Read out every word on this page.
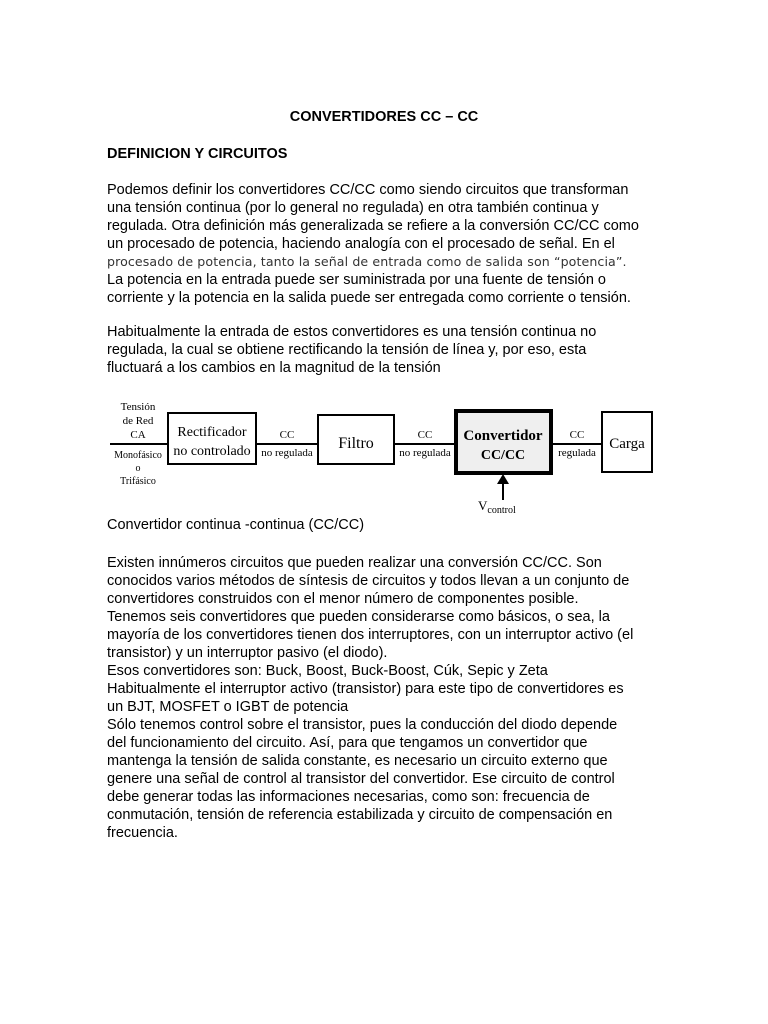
CONVERTIDORES CC – CC
DEFINICION Y CIRCUITOS
Podemos definir los convertidores CC/CC como siendo circuitos que transforman
una tensión continua (por lo general no regulada) en otra también continua y
regulada. Otra definición más generalizada se refiere a la conversión CC/CC como
un procesado de potencia, haciendo analogía con el procesado de señal. En el
procesado de potencia, tanto la señal de entrada como de salida son “potencia”.
La potencia en la entrada puede ser suministrada por una fuente de tensión o
corriente y la potencia en la salida puede ser entregada como corriente o tensión.
Habitualmente la entrada de estos convertidores es una tensión continua no
regulada, la cual se obtiene rectificando la tensión de línea y, por eso, esta
fluctuará a los cambios en la magnitud de la tensión
Tensión
de Red
CA
Monofásico
o
Trifásico
Rectificador
no controlado
CC
no regulada
Filtro	CC
no regulada
Convertidor
CC/CC
CC
regulada
Carga
$V_{control}$
Convertidor continua -continua (CC/CC)
Existen innúmeros circuitos que pueden realizar una conversión CC/CC. Son
conocidos varios métodos de síntesis de circuitos y todos llevan a un conjunto de
convertidores construidos con el menor número de componentes posible.
Tenemos seis convertidores que pueden considerarse como básicos, o sea, la
mayoría de los convertidores tienen dos interruptores, con un interruptor activo (el
transistor) y un interruptor pasivo (el diodo).
Esos convertidores son: Buck, Boost, Buck-Boost, Cúk, Sepic y Zeta
Habitualmente el interruptor activo (transistor) para este tipo de convertidores es
un BJT, MOSFET o IGBT de potencia
Sólo tenemos control sobre el transistor, pues la conducción del diodo depende
del funcionamiento del circuito. Así, para que tengamos un convertidor que
mantenga la tensión de salida constante, es necesario un circuito externo que
genere una señal de control al transistor del convertidor. Ese circuito de control
debe generar todas las informaciones necesarias, como son: frecuencia de
conmutación, tensión de referencia estabilizada y circuito de compensación en
frecuencia.
